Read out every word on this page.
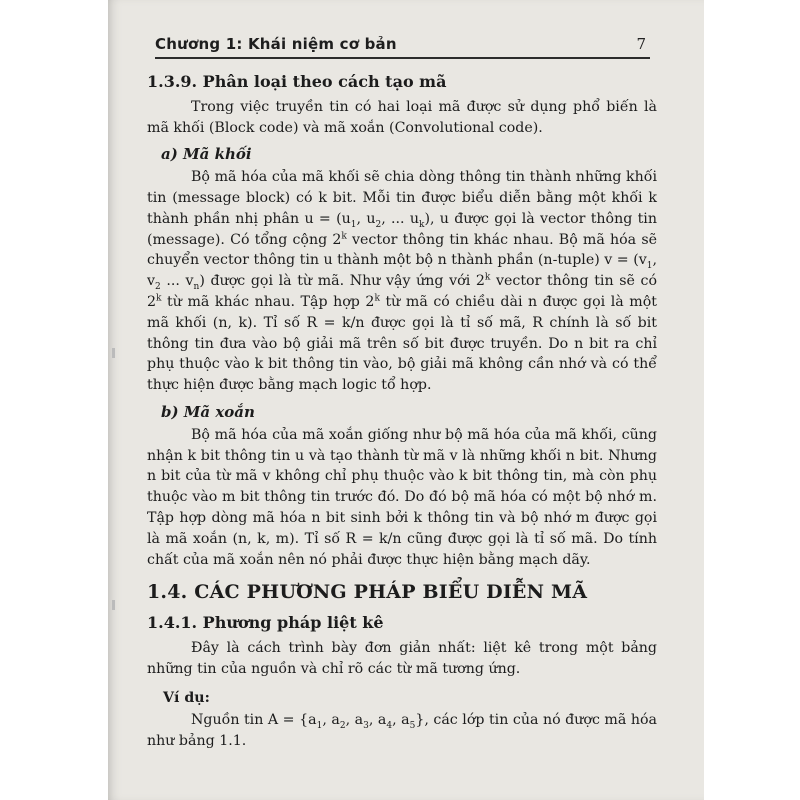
Chương 1: Khái niệm cơ bản	7
1.3.9. Phân loại theo cách tạo mã

Trong việc truyền tin có hai loại mã được sử dụng phổ biến là mã khối (Block code) và mã xoắn (Convolutional code).

a) Mã khối

Bộ mã hóa của mã khối sẽ chia dòng thông tin thành những khối tin (message block) có k bit. Mỗi tin được biểu diễn bằng một khối k thành phần nhị phân $u = (u_1$, $u_2$, ... $u_k$), u được gọi là vector thông tin (message). Có tổng cộng 2$^k$ vector thông tin khác nhau. Bộ mã hóa sẽ chuyển vector thông tin u thành một bộ n thành phần (n-tuple) $v = (v_1$, $v_2$ ... $v_n$) được gọi là từ mã. Như vậy ứng với 2$^k$ vector thông tin sẽ có 2$^k$ từ mã khác nhau. Tập hợp 2$^k$ từ mã có chiều dài n được gọi là một mã khối (n, k). Tỉ số R = k/n được gọi là tỉ số mã, R chính là số bit thông tin đưa vào bộ giải mã trên số bit được truyền. Do n bit ra chỉ phụ thuộc vào k bit thông tin vào, bộ giải mã không cần nhớ và có thể thực hiện được bằng mạch logic tổ hợp.

b) Mã xoắn

Bộ mã hóa của mã xoắn giống như bộ mã hóa của mã khối, cũng nhận k bit thông tin u và tạo thành từ mã v là những khối n bit. Nhưng n bit của từ mã v không chỉ phụ thuộc vào k bit thông tin, mà còn phụ thuộc vào m bit thông tin trước đó. Do đó bộ mã hóa có một bộ nhớ m. Tập hợp dòng mã hóa n bit sinh bởi k thông tin và bộ nhớ m được gọi là mã xoắn (n, k, m). Tỉ số R = k/n cũng được gọi là tỉ số mã. Do tính chất của mã xoắn nên nó phải được thực hiện bằng mạch dãy.

1.4. CÁC PHƯƠNG PHÁP BIỂU DIỄN MÃ
1.4.1. Phương pháp liệt kê

Đây là cách trình bày đơn giản nhất: liệt kê trong một bảng những tin của nguồn và chỉ rõ các từ mã tương ứng.

Ví dụ:

Nguồn tin $A = \{a_1$, $a_2$, $a_3$, $a_4$, $a_5$}, các lớp tin của nó được mã hóa như bảng 1.1.
